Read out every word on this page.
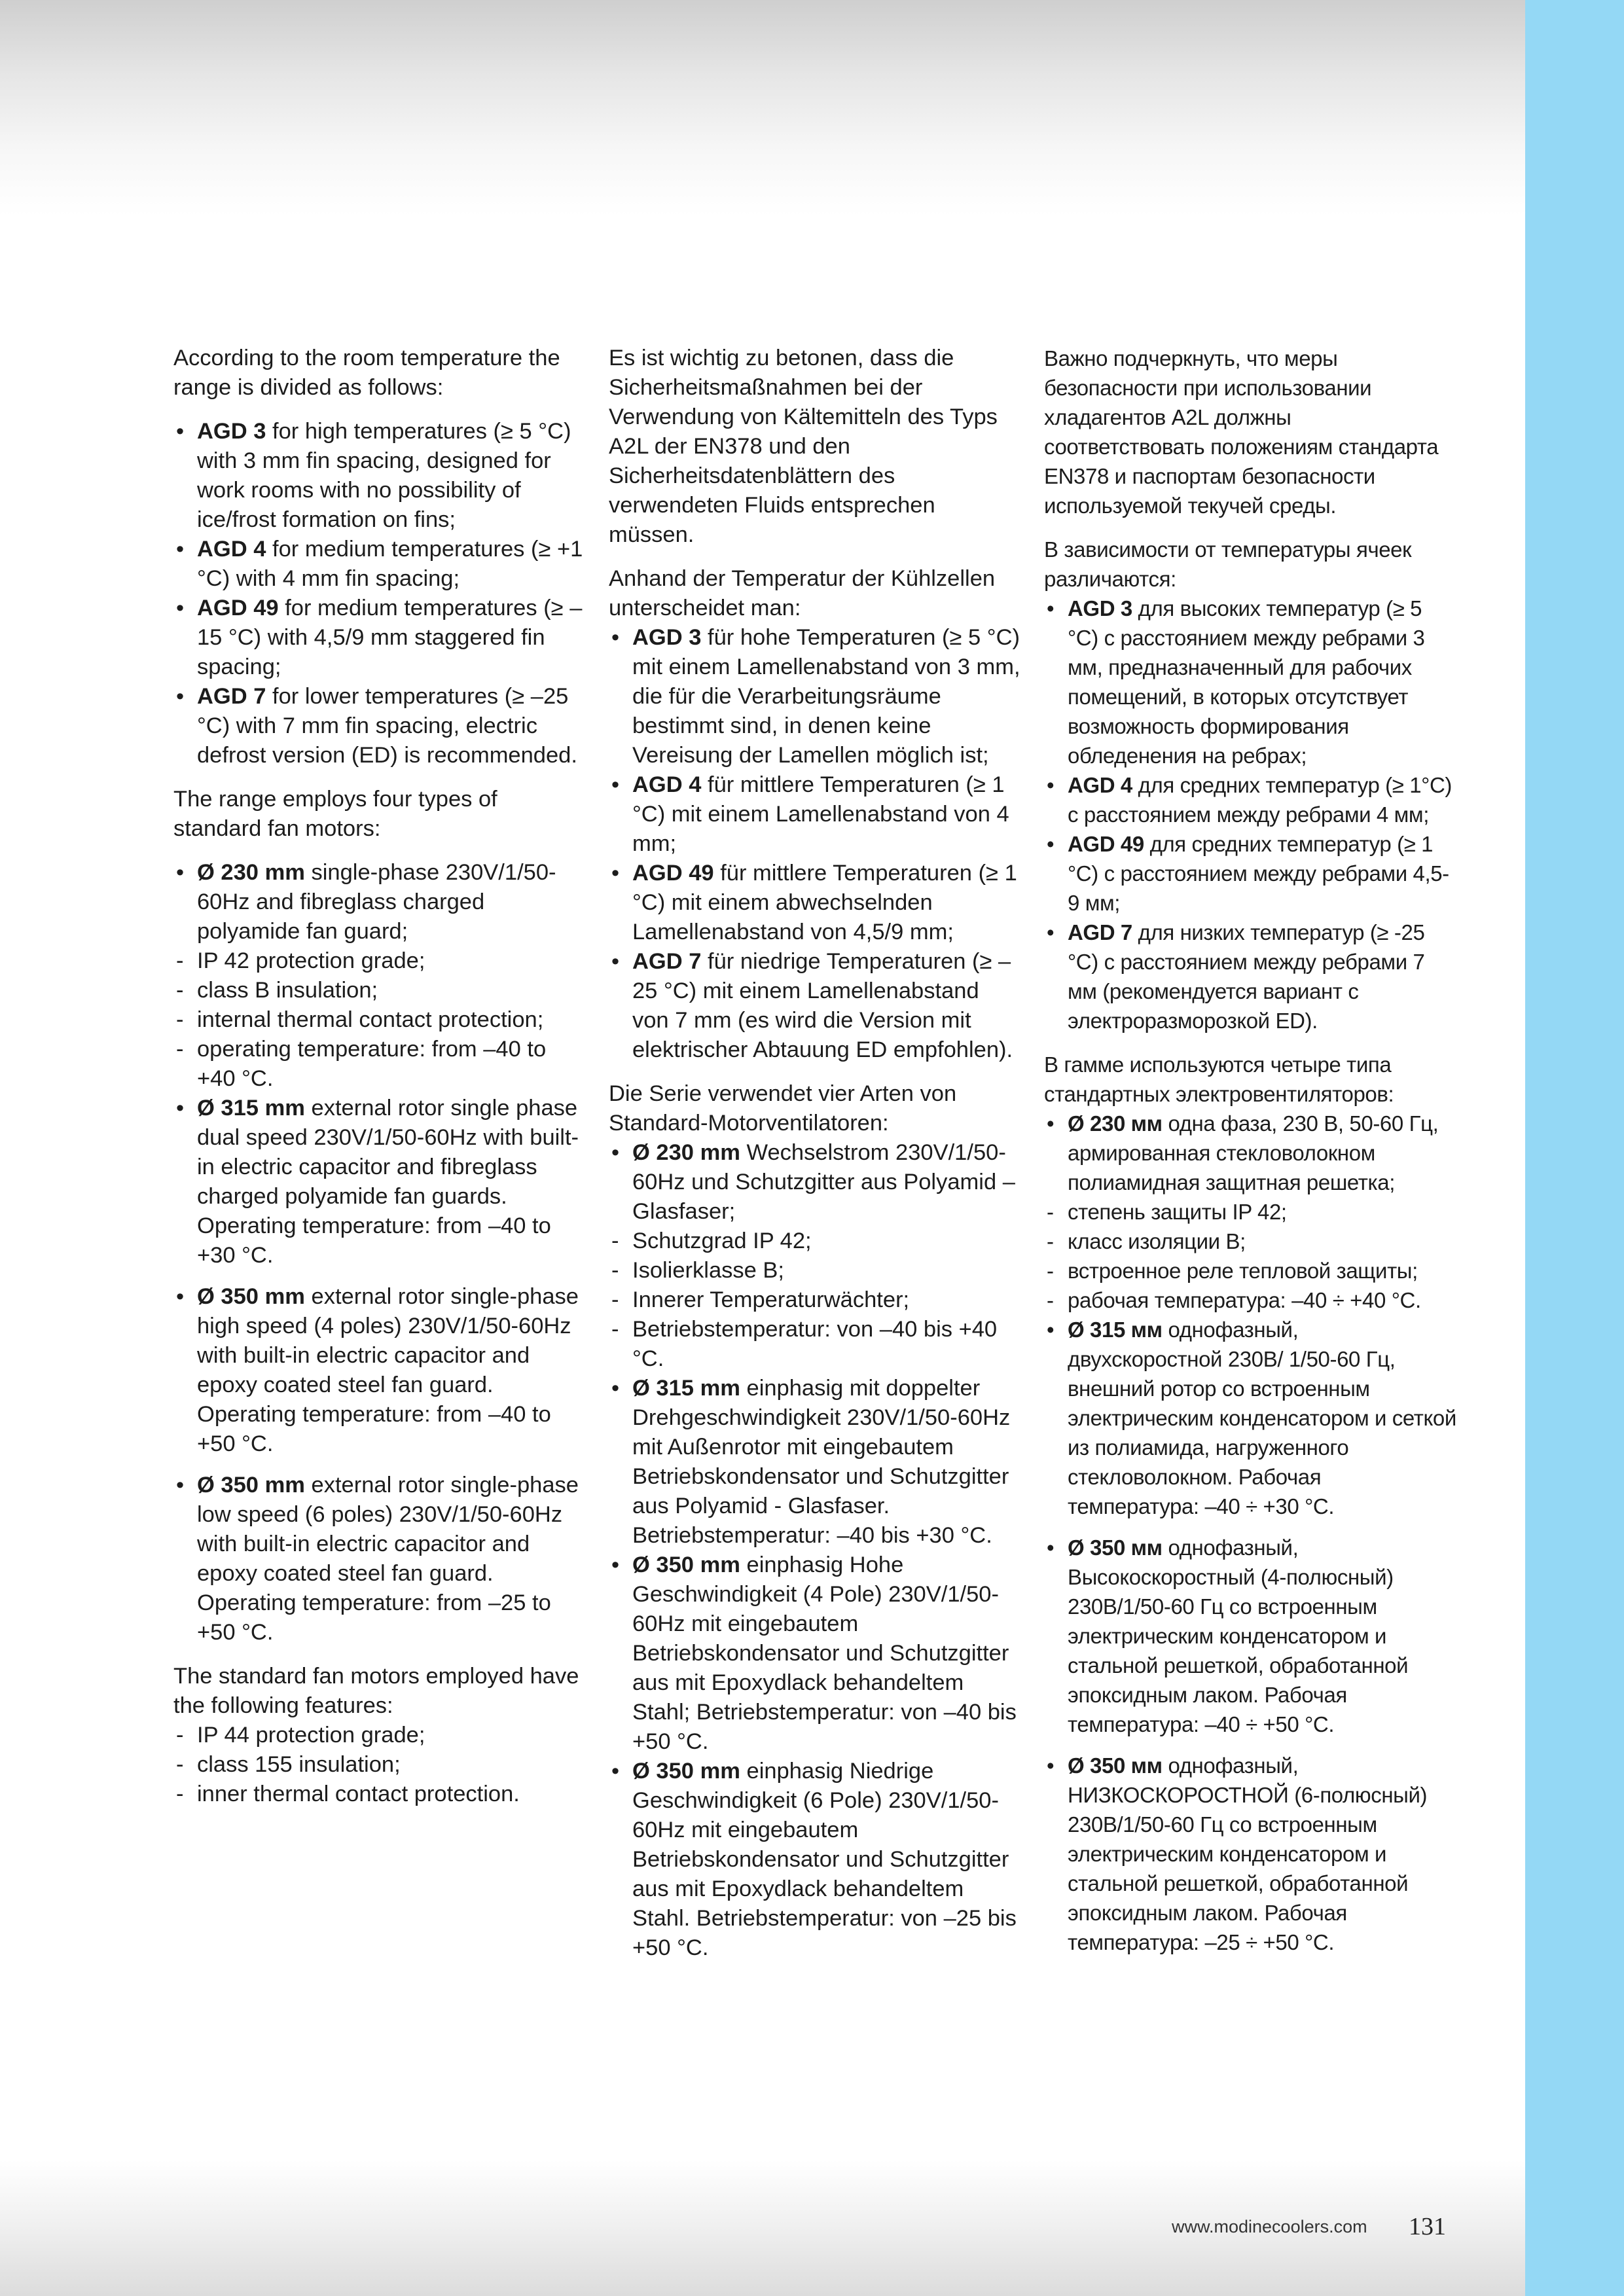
According to the room temperature the range is divided as follows:

• AGD 3 for high temperatures (≥ 5 °C) with 3 mm fin spacing, designed for work rooms with no possibility of ice/frost formation on fins;
• AGD 4 for medium temperatures (≥ +1 °C) with 4 mm fin spacing;
• AGD 49 for medium temperatures (≥ –15 °C) with 4,5/9 mm staggered fin spacing;
• AGD 7 for lower temperatures (≥ –25 °C) with 7 mm fin spacing, electric defrost version (ED) is recommended.

The range employs four types of standard fan motors:

• Ø 230 mm single-phase 230V/1/50-60Hz and fibreglass charged polyamide fan guard;
- IP 42 protection grade;
- class B insulation;
- internal thermal contact protection;
- operating temperature: from –40 to +40 °C.
• Ø 315 mm external rotor single phase dual speed 230V/1/50-60Hz with built-in electric capacitor and fibreglass charged polyamide fan guards. Operating temperature: from –40 to +30 °C.
• Ø 350 mm external rotor single-phase high speed (4 poles) 230V/1/50-60Hz with built-in electric capacitor and epoxy coated steel fan guard. Operating temperature: from –40 to +50 °C.
• Ø 350 mm external rotor single-phase low speed (6 poles) 230V/1/50-60Hz with built-in electric capacitor and epoxy coated steel fan guard. Operating temperature: from –25 to +50 °C.

The standard fan motors employed have the following features:

- IP 44 protection grade;
- class 155 insulation;
- inner thermal contact protection.

Es ist wichtig zu betonen, dass die Sicherheitsmaßnahmen bei der Verwendung von Kältemitteln des Typs A2L der EN378 und den Sicherheitsdatenblättern des verwendeten Fluids entsprechen müssen.

Anhand der Temperatur der Kühlzellen unterscheidet man:

• AGD 3 für hohe Temperaturen (≥ 5 °C) mit einem Lamellenabstand von 3 mm, die für die Verarbeitungsräume bestimmt sind, in denen keine Vereisung der Lamellen möglich ist;
• AGD 4 für mittlere Temperaturen (≥ 1 °C) mit einem Lamellenabstand von 4 mm;
• AGD 49 für mittlere Temperaturen (≥ 1 °C) mit einem abwechselnden Lamellenabstand von 4,5/9 mm;
• AGD 7 für niedrige Temperaturen (≥ –25 °C) mit einem Lamellenabstand von 7 mm (es wird die Version mit elektrischer Abtauung ED empfohlen).

Die Serie verwendet vier Arten von Standard-Motorventilatoren:

• Ø 230 mm Wechselstrom 230V/1/50-60Hz und Schutzgitter aus Polyamid – Glasfaser;
- Schutzgrad IP 42;
- Isolierklasse B;
- Innerer Temperaturwächter;
- Betriebstemperatur: von –40 bis +40 °C.
• Ø 315 mm einphasig mit doppelter Drehgeschwindigkeit 230V/1/50-60Hz mit Außenrotor mit eingebautem Betriebskondensator und Schutzgitter aus Polyamid - Glasfaser. Betriebstemperatur: –40 bis +30 °C.
• Ø 350 mm einphasig Hohe Geschwindigkeit (4 Pole) 230V/1/50-60Hz mit eingebautem Betriebskondensator und Schutzgitter aus mit Epoxydlack behandeltem Stahl; Betriebstemperatur: von –40 bis +50 °C.
• Ø 350 mm einphasig Niedrige Geschwindigkeit (6 Pole) 230V/1/50-60Hz mit eingebautem Betriebskondensator und Schutzgitter aus mit Epoxydlack behandeltem Stahl. Betriebstemperatur: von –25 bis +50 °C.

Важно подчеркнуть, что меры безопасности при использовании хладагентов A2L должны соответствовать положениям стандарта EN378 и паспортам безопасности используемой текучей среды.

В зависимости от температуры ячеек различаются:

• AGD 3 для высоких температур (≥ 5 °C) с расстоянием между ребрами 3 мм, предназначенный для рабочих помещений, в которых отсутствует возможность формирования обледенения на ребрах;
• AGD 4 для средних температур (≥ 1°C) с расстоянием между ребрами 4 мм;
• AGD 49 для средних температур (≥ 1 °C) с расстоянием между ребрами 4,5-9 мм;
• AGD 7 для низких температур (≥ -25 °C) с расстоянием между ребрами 7 мм (рекомендуется вариант с электроразморозкой ED).

В гамме используются четыре типа стандартных электровентиляторов:

• Ø 230 мм одна фаза, 230 В, 50-60 Гц, армированная стекловолокном полиамидная защитная решетка;
- степень защиты IP 42;
- класс изоляции B;
- встроенное реле тепловой защиты;
- рабочая температура: –40 ÷ +40 °C.
• Ø 315 мм однофазный, двухскоростной 230В/ 1/50-60 Гц, внешний ротор со встроенным электрическим конденсатором и сеткой из полиамида, нагруженного стекловолокном. Рабочая температура: –40 ÷ +30 °C.
• Ø 350 мм однофазный, Высокоскоростный (4-полюсный) 230В/1/50-60 Гц со встроенным электрическим конденсатором и стальной решеткой, обработанной эпоксидным лаком. Рабочая температура: –40 ÷ +50 °C.
• Ø 350 мм однофазный, НИЗКОСКОРОСТНОЙ (6-полюсный) 230В/1/50-60 Гц со встроенным электрическим конденсатором и стальной решеткой, обработанной эпоксидным лаком. Рабочая температура: –25 ÷ +50 °C.
www.modinecoolers.com	131
